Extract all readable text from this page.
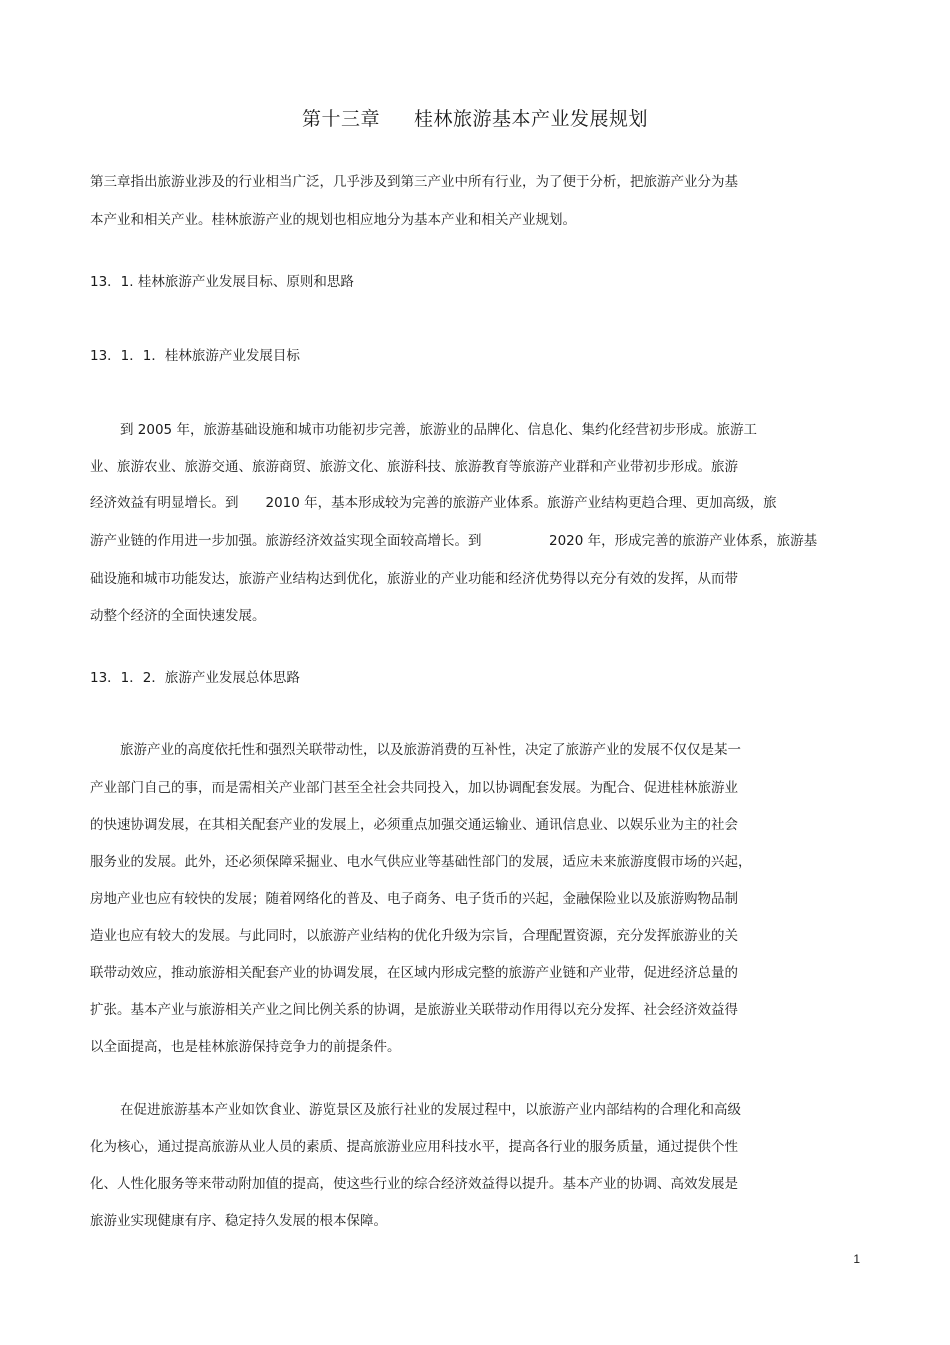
第十三章 桂林旅游基本产业发展规划
第三章指出旅游业涉及的行业相当广泛，几乎涉及到第三产业中所有行业，为了便于分析，把旅游产业分为基
本产业和相关产业。桂林旅游产业的规划也相应地分为基本产业和相关产业规划。
13．1. 桂林旅游产业发展目标、原则和思路
13．1．1．桂林旅游产业发展目标
到 2005 年，旅游基础设施和城市功能初步完善，旅游业的品牌化、信息化、集约化经营初步形成。旅游工
业、旅游农业、旅游交通、旅游商贸、旅游文化、旅游科技、旅游教育等旅游产业群和产业带初步形成。旅游
经济效益有明显增长。到　　2010 年，基本形成较为完善的旅游产业体系。旅游产业结构更趋合理、更加高级，旅
游产业链的作用进一步加强。旅游经济效益实现全面较高增长。到　　　　　2020 年，形成完善的旅游产业体系，旅游基
础设施和城市功能发达，旅游产业结构达到优化，旅游业的产业功能和经济优势得以充分有效的发挥，从而带
动整个经济的全面快速发展。
13．1．2．旅游产业发展总体思路
旅游产业的高度依托性和强烈关联带动性，以及旅游消费的互补性，决定了旅游产业的发展不仅仅是某一
产业部门自己的事，而是需相关产业部门甚至全社会共同投入，加以协调配套发展。为配合、促进桂林旅游业
的快速协调发展，在其相关配套产业的发展上，必须重点加强交通运输业、通讯信息业、以娱乐业为主的社会
服务业的发展。此外，还必须保障采掘业、电水气供应业等基础性部门的发展，适应未来旅游度假市场的兴起，
房地产业也应有较快的发展；随着网络化的普及、电子商务、电子货币的兴起，金融保险业以及旅游购物品制
造业也应有较大的发展。与此同时，以旅游产业结构的优化升级为宗旨，合理配置资源，充分发挥旅游业的关
联带动效应，推动旅游相关配套产业的协调发展，在区域内形成完整的旅游产业链和产业带，促进经济总量的
扩张。基本产业与旅游相关产业之间比例关系的协调，是旅游业关联带动作用得以充分发挥、社会经济效益得
以全面提高，也是桂林旅游保持竞争力的前提条件。
在促进旅游基本产业如饮食业、游览景区及旅行社业的发展过程中，以旅游产业内部结构的合理化和高级
化为核心，通过提高旅游从业人员的素质、提高旅游业应用科技水平，提高各行业的服务质量，通过提供个性
化、人性化服务等来带动附加值的提高，使这些行业的综合经济效益得以提升。基本产业的协调、高效发展是
旅游业实现健康有序、稳定持久发展的根本保障。
1
